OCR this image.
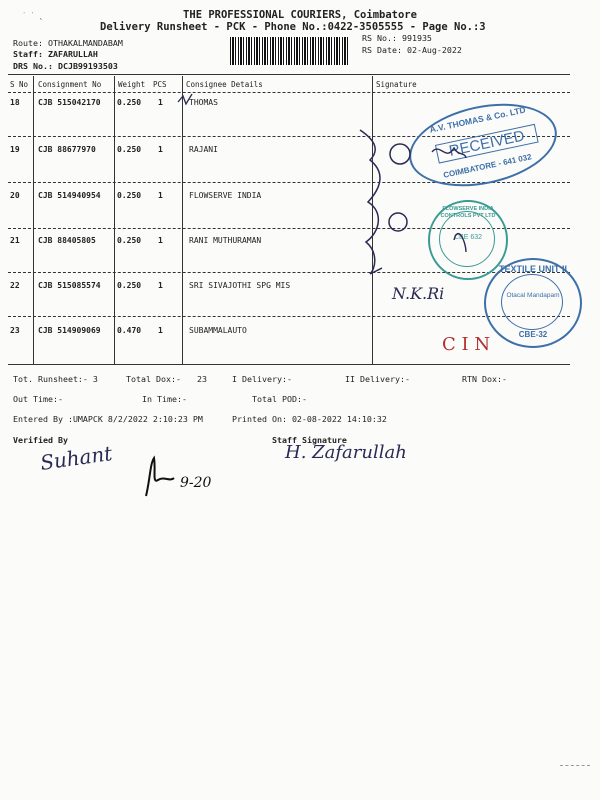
˙ ˙ ˛	THE PROFESSIONAL COURIERS, Coimbatore
Delivery Runsheet - PCK - Phone No.:0422-3505555 - Page No.:3
Route: OTHAKALMANDABAM
Staff: ZAFARULLAH
DRS No.: DCJB99193503
RS No.: 991935
RS Date: 02-Aug-2022
S No Consignment No Weight PCS	Consignee Details	Signature
18 CJB 515042170 0.250 1	THOMAS
19 CJB 88677970	0.250 1	RAJANI
20 CJB 514940954 0.250 1	FLOWSERVE INDIA
21 CJB 88405805	0.250 1	RANI MUTHURAMAN
22 CJB 515085574 0.250 1	SRI SIVAJOTHI SPG MIS
23 CJB 514909069 0.470 1	SUBAMMALAUTO
A.V. THOMAS & Co. LTD
RECEIVED
COIMBATORE - 641 032
FLOWSERVE INDIA CONTROLS PVT LTD
CBE 632
TEXTILE UNIT II
Otacal Mandapam
CBE-32
N.K.Ri
C I N
Tot. Runsheet:- 3	Total Dox:- 23	I Delivery:-	II Delivery:-	RTN Dox:-
Out Time:-	In Time:-	Total POD:-
Entered By :UMAPCK 8/2/2022 2:10:23 PM	Printed On: 02-08-2022 14:10:32
Verified By	Staff Signature
Suhant
9-20
H. Zafarullah
